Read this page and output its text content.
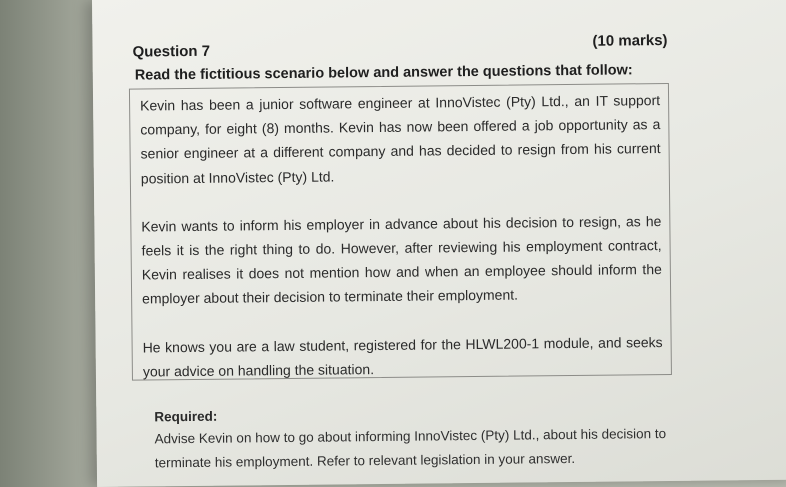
Question 7
(10 marks)
Read the fictitious scenario below and answer the questions that follow:

Kevin has been a junior software engineer at InnoVistec (Pty) Ltd., an IT support company, for eight (8) months. Kevin has now been offered a job opportunity as a senior engineer at a different company and has decided to resign from his current position at InnoVistec (Pty) Ltd.

Kevin wants to inform his employer in advance about his decision to resign, as he feels it is the right thing to do. However, after reviewing his employment contract, Kevin realises it does not mention how and when an employee should inform the employer about their decision to terminate their employment.

He knows you are a law student, registered for the HLWL200-1 module, and seeks your advice on handling the situation.

Required:

Advise Kevin on how to go about informing InnoVistec (Pty) Ltd., about his decision to terminate his employment. Refer to relevant legislation in your answer.
